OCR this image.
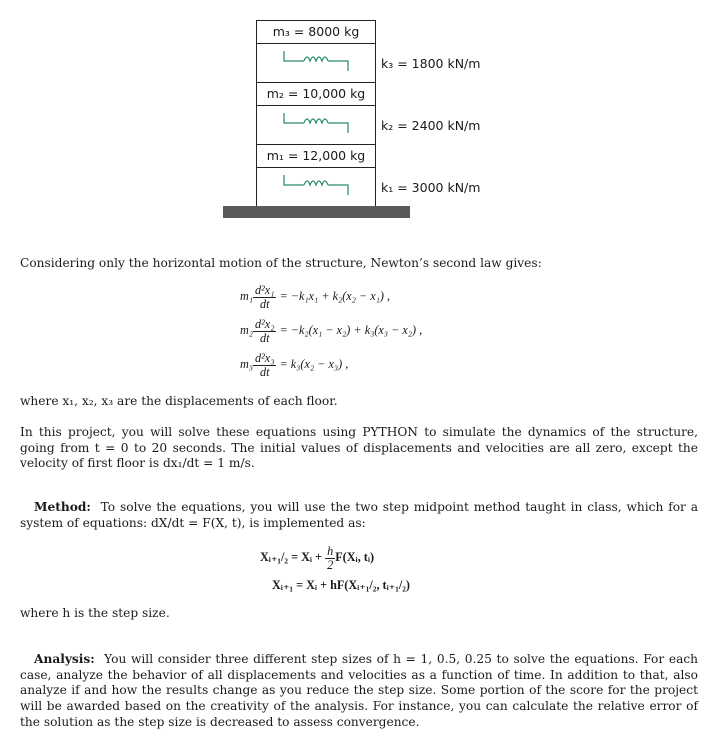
m₃ = 8000 kg
m₂ = 10,000 kg
m₁ = 12,000 kg
k₃ = 1800 kN/m
k₂ = 2400 kN/m
k₁ = 3000 kN/m
Considering only the horizontal motion of the structure, Newton’s second law gives:
$m_1 \frac{\text{d²x₁}}{dt} = -k_1x_1 + k_2(x_2 - x_1)$ ,
$m_2 \frac{\text{d²x₂}}{dt} = -k_2(x_1 - x_2) + k_3(x_3 - x_2)$ ,
$m_3 \frac{\text{d²x₃}}{dt} = k_3(x_2 - x_3)$ ,
where x₁, x₂, x₃ are the displacements of each floor.
In this project, you will solve these equations using PYTHON to simulate the dynamics of the structure, going from t = 0 to 20 seconds. The initial values of displacements and velocities are all zero, except the velocity of first floor is dx₁/dt = 1 m/s.
Method: To solve the equations, you will use the two step midpoint method taught in class, which for a system of equations: dX/dt = F(X, t), is implemented as:
Xᵢ₊₁/₂ = Xᵢ + $\frac{h}{2}$ F(Xᵢ, tᵢ)
Xᵢ₊₁ = Xᵢ + hF(Xᵢ₊₁/₂, tᵢ₊₁/₂)
where h is the step size.
Analysis: You will consider three different step sizes of h = 1, 0.5, 0.25 to solve the equations. For each case, analyze the behavior of all displacements and velocities as a function of time. In addition to that, also analyze if and how the results change as you reduce the step size. Some portion of the score for the project will be awarded based on the creativity of the analysis. For instance, you can calculate the relative error of the solution as the step size is decreased to assess convergence.
